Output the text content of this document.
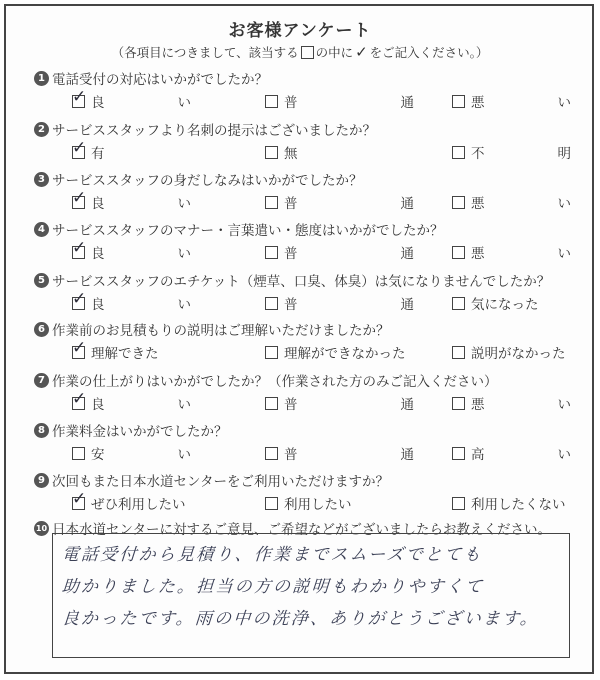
お客様アンケート
（各項目につきまして、該当する の中に ✓ をご記入ください。）
1 電話受付の対応はいかがでしたか？
✓ 良	い	普	通	悪	い
2 サービススタッフより名刺の提示はございましたか？
✓ 有	無	不	明
3 サービススタッフの身だしなみはいかがでしたか？
✓ 良	い	普	通	悪	い
4 サービススタッフのマナー・言葉遣い・態度はいかがでしたか？
✓ 良	い	普	通	悪	い
5 サービススタッフのエチケット（煙草、口臭、体臭）は気になりませんでしたか？
✓ 良	い	普	通	気になった
6 作業前のお見積もりの説明はご理解いただけましたか？
✓ 理解できた	理解ができなかった	説明がなかった
7 作業の仕上がりはいかがでしたか？（作業された方のみご記入ください）
✓ 良	い	普	通	悪	い
8 作業料金はいかがでしたか？
安	い	普	通	高	い
9 次回もまた日本水道センターをご利用いただけますか？
✓ ぜひ利用したい	利用したい	利用したくない
10 日本水道センターに対するご意見、ご希望などがございましたらお教えください。
電話受付から見積り、作業までスムーズでとても
助かりました。担当の方の説明もわかりやすくて
良かったです。雨の中の洗浄、ありがとうございます。
